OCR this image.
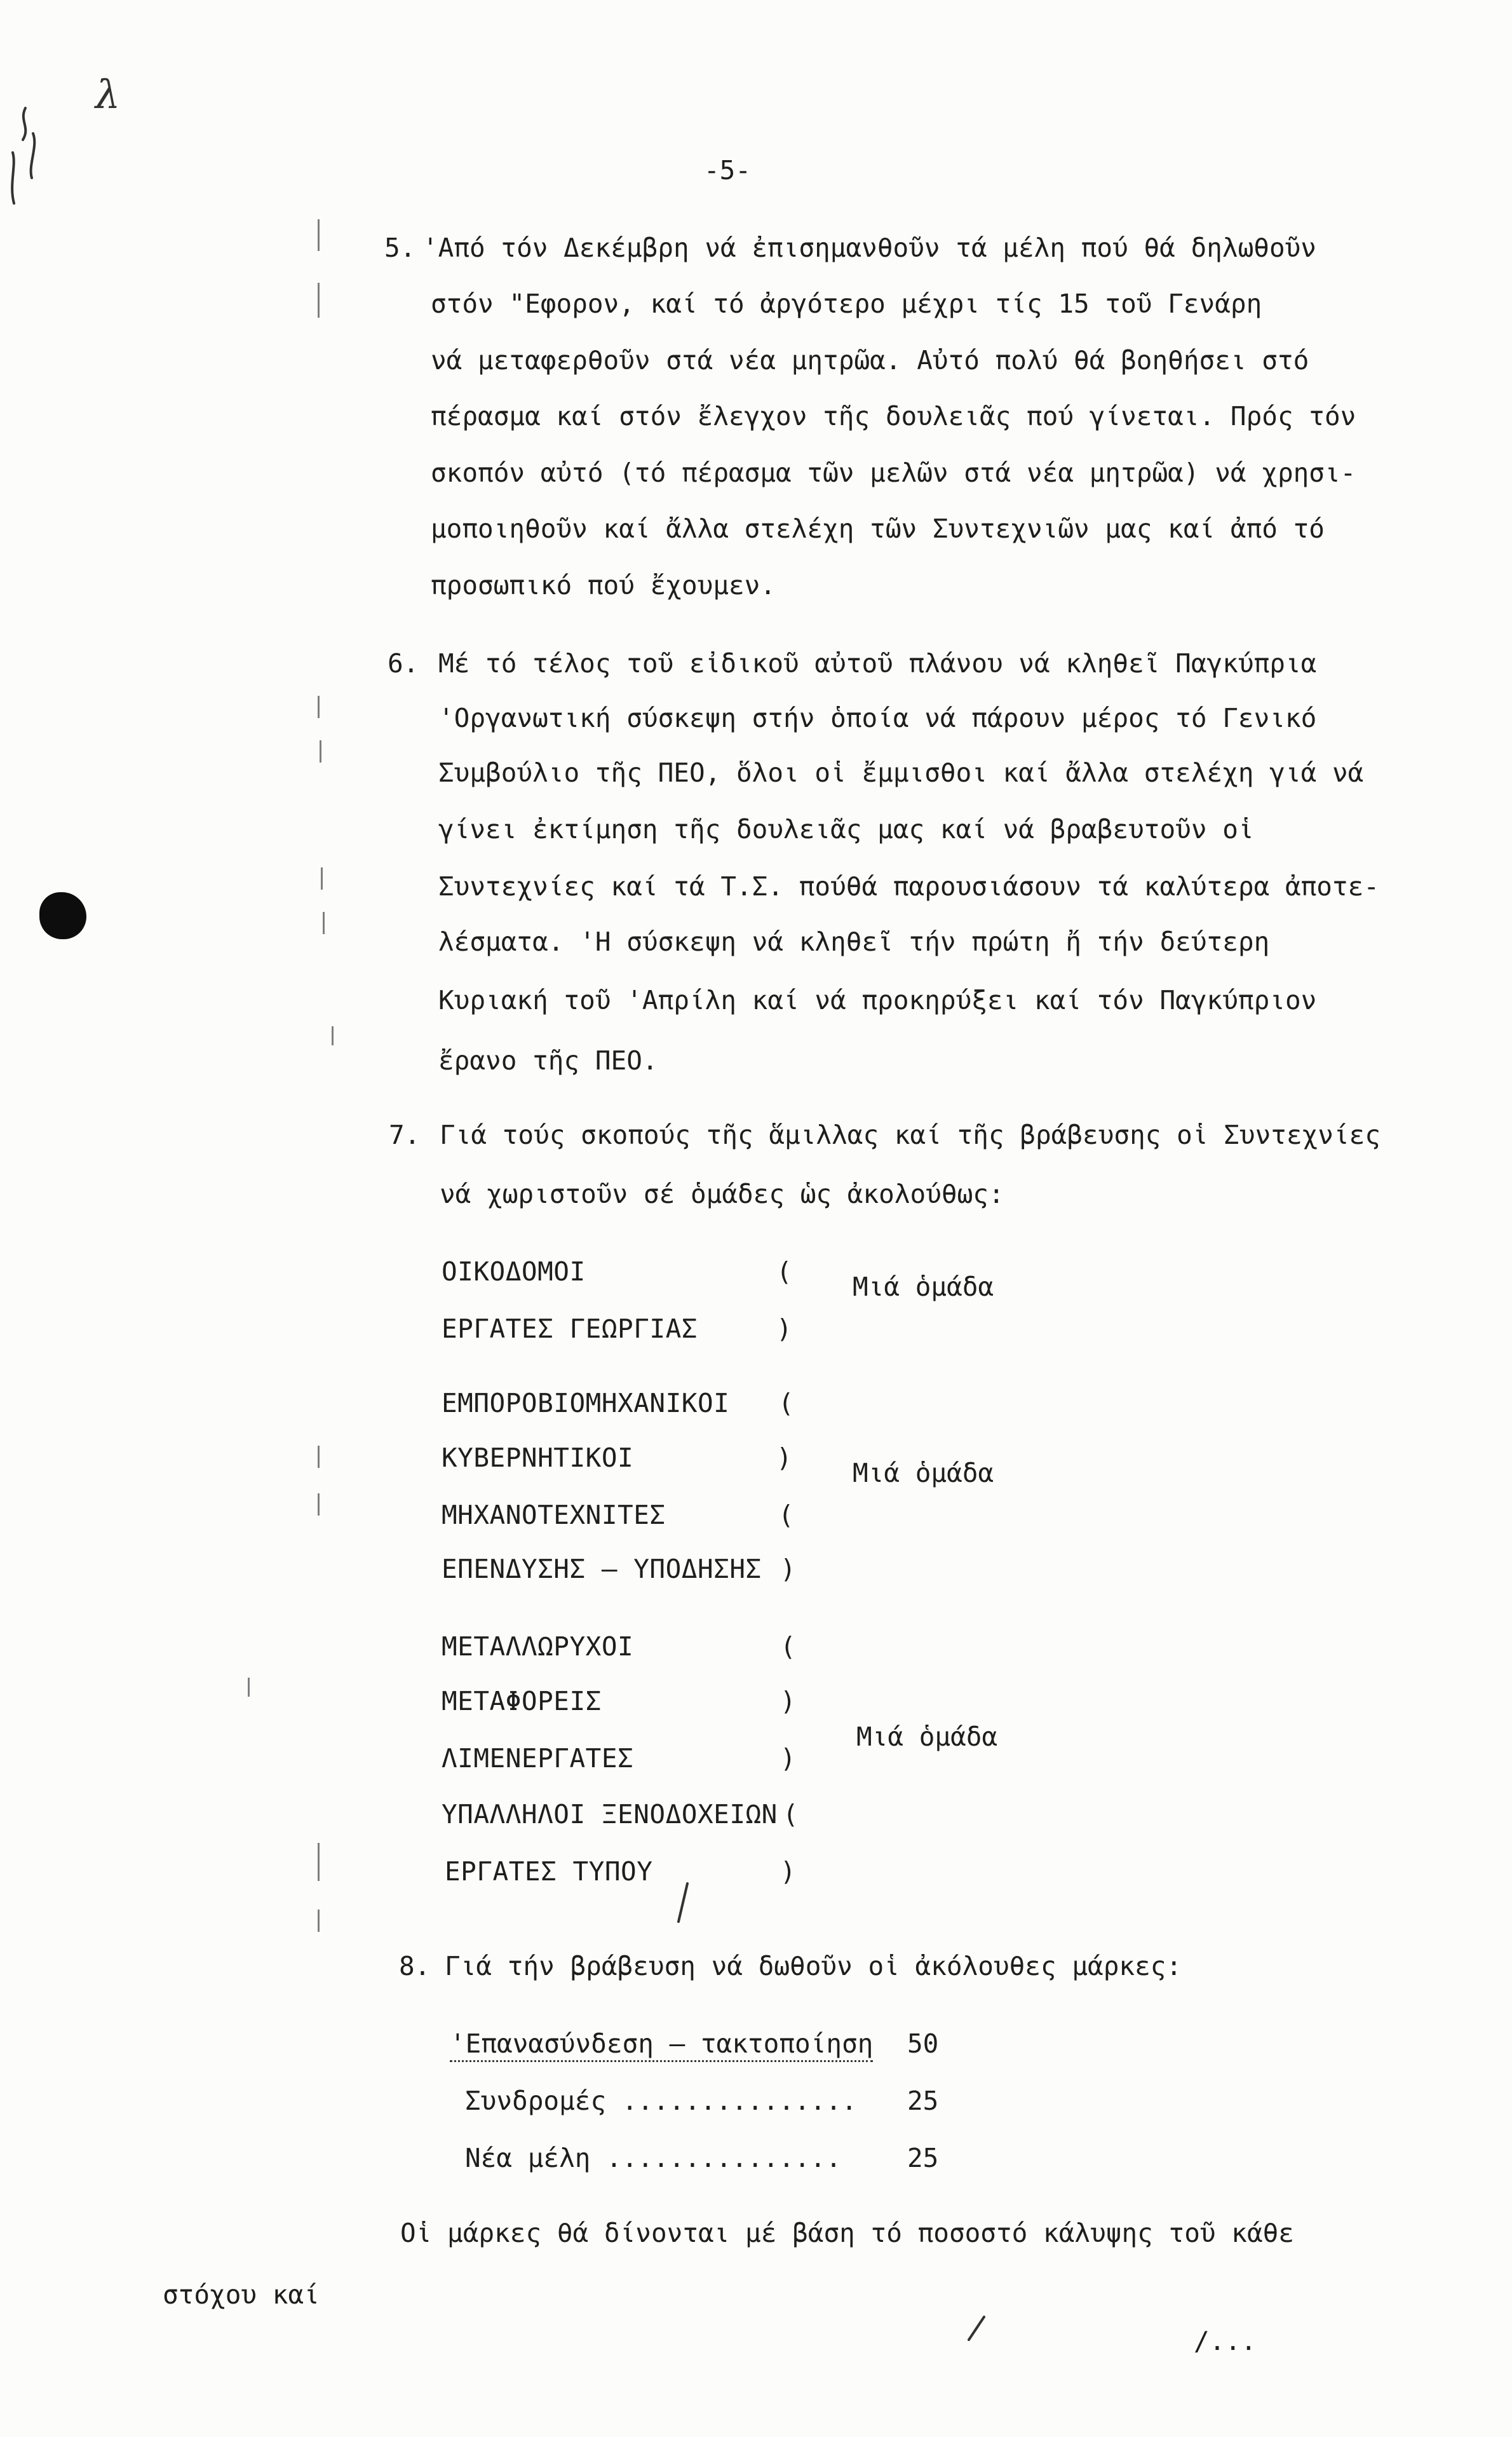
λ
-5-
5. 'Από τόν Δεκέμβρη νά ἐπισημανθοῦν τά μέλη πού θά δηλωθοῦν
στόν "Εφορον, καί τό ἀργότερο μέχρι τίς 15 τοῦ Γενάρη
νά μεταφερθοῦν στά νέα μητρῶα. Αὐτό πολύ θά βοηθήσει στό
πέρασμα καί στόν ἔλεγχον τῆς δουλειᾶς πού γίνεται. Πρός τόν
σκοπόν αὐτό (τό πέρασμα τῶν μελῶν στά νέα μητρῶα) νά χρησι-
μοποιηθοῦν καί ἄλλα στελέχη τῶν Συντεχνιῶν μας καί ἀπό τό
προσωπικό πού ἔχουμεν.
6. Μέ τό τέλος τοῦ εἰδικοῦ αὐτοῦ πλάνου νά κληθεῖ Παγκύπρια
'Οργανωτική σύσκεψη στήν ὁποία νά πάρουν μέρος τό Γενικό
Συμβούλιο τῆς ΠΕΟ, ὅλοι οἱ ἔμμισθοι καί ἄλλα στελέχη γιά νά
γίνει ἐκτίμηση τῆς δουλειᾶς μας καί νά βραβευτοῦν οἱ
Συντεχνίες καί τά Τ.Σ. πούθά παρουσιάσουν τά καλύτερα ἀποτε-
λέσματα. 'Η σύσκεψη νά κληθεῖ τήν πρώτη ἤ τήν δεύτερη
Κυριακή τοῦ 'Απρίλη καί νά προκηρύξει καί τόν Παγκύπριον
ἔρανο τῆς ΠΕΟ.
7. Γιά τούς σκοπούς τῆς ἅμιλλας καί τῆς βράβευσης οἱ Συντεχνίες
νά χωριστοῦν σέ ὁμάδες ὡς ἀκολούθως:
ΟΙΚΟΔΟΜΟΙ	(
ΕΡΓΑΤΕΣ ΓΕΩΡΓΙΑΣ	)
Μιά ὁμάδα
ΕΜΠΟΡΟΒΙΟΜΗΧΑΝΙΚΟΙ (
ΚΥΒΕΡΝΗΤΙΚΟΙ	)
ΜΗΧΑΝΟΤΕΧΝΙΤΕΣ	(
ΕΠΕΝΔΥΣΗΣ – ΥΠΟΔΗΣΗΣ )
Μιά ὁμάδα
ΜΕΤΑΛΛΩΡΥΧΟΙ	(
ΜΕΤΑΦΟΡΕΙΣ	)
ΛΙΜΕΝΕΡΓΑΤΕΣ	)
ΥΠΑΛΛΗΛΟΙ ΞΕΝΟΔΟΧΕΙΩΝ (
ΕΡΓΑΤΕΣ ΤΥΠΟΥ	)
Μιά ὁμάδα
8. Γιά τήν βράβευση νά δωθοῦν οἱ ἀκόλουθες μάρκες:
'Επανασύνδεση – τακτοποίηση 50
Συνδρομές ............... 25
Νέα μέλη ...............	25
Οἱ μάρκες θά δίνονται μέ βάση τό ποσοστό κάλυψης τοῦ κάθε
στόχου καί
/...
